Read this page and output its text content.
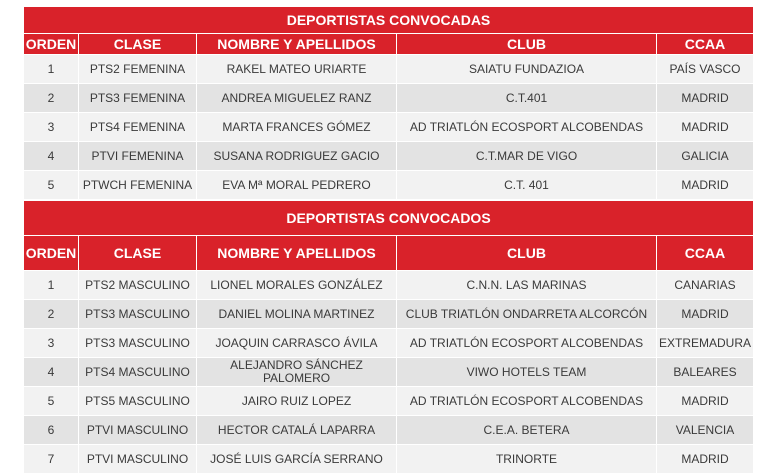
DEPORTISTAS CONVOCADAS				
ORDEN	CLASE	NOMBRE Y APELLIDOS	CLUB	CCAA
1	PTS2 FEMENINA	RAKEL MATEO URIARTE	SAIATU FUNDAZIOA	PAÍS VASCO
2	PTS3 FEMENINA	ANDREA MIGUELEZ RANZ	C.T.401	MADRID
3	PTS4 FEMENINA	MARTA FRANCES GÓMEZ	AD TRIATLÓN ECOSPORT ALCOBENDAS	MADRID
4	PTVI FEMENINA	SUSANA RODRIGUEZ GACIO	C.T.MAR DE VIGO	GALICIA
5	PTWCH FEMENINA	EVA Mª MORAL PEDRERO	C.T. 401	MADRID
DEPORTISTAS CONVOCADOS				
ORDEN	CLASE	NOMBRE Y APELLIDOS	CLUB	CCAA
1	PTS2 MASCULINO	LIONEL MORALES GONZÁLEZ	C.N.N. LAS MARINAS	CANARIAS
2	PTS3 MASCULINO	DANIEL MOLINA MARTINEZ	CLUB TRIATLÓN ONDARRETA ALCORCÓN	MADRID
3	PTS3 MASCULINO	JOAQUIN CARRASCO ÁVILA	AD TRIATLÓN ECOSPORT ALCOBENDAS	EXTREMADURA
4	PTS4 MASCULINO	ALEJANDRO SÁNCHEZ PALOMERO	VIWO HOTELS TEAM	BALEARES
5	PTS5 MASCULINO	JAIRO RUIZ LOPEZ	AD TRIATLÓN ECOSPORT ALCOBENDAS	MADRID
6	PTVI MASCULINO	HECTOR CATALÁ LAPARRA	C.E.A. BETERA	VALENCIA
7	PTVI MASCULINO	JOSÉ LUIS GARCÍA SERRANO	TRINORTE	MADRID
